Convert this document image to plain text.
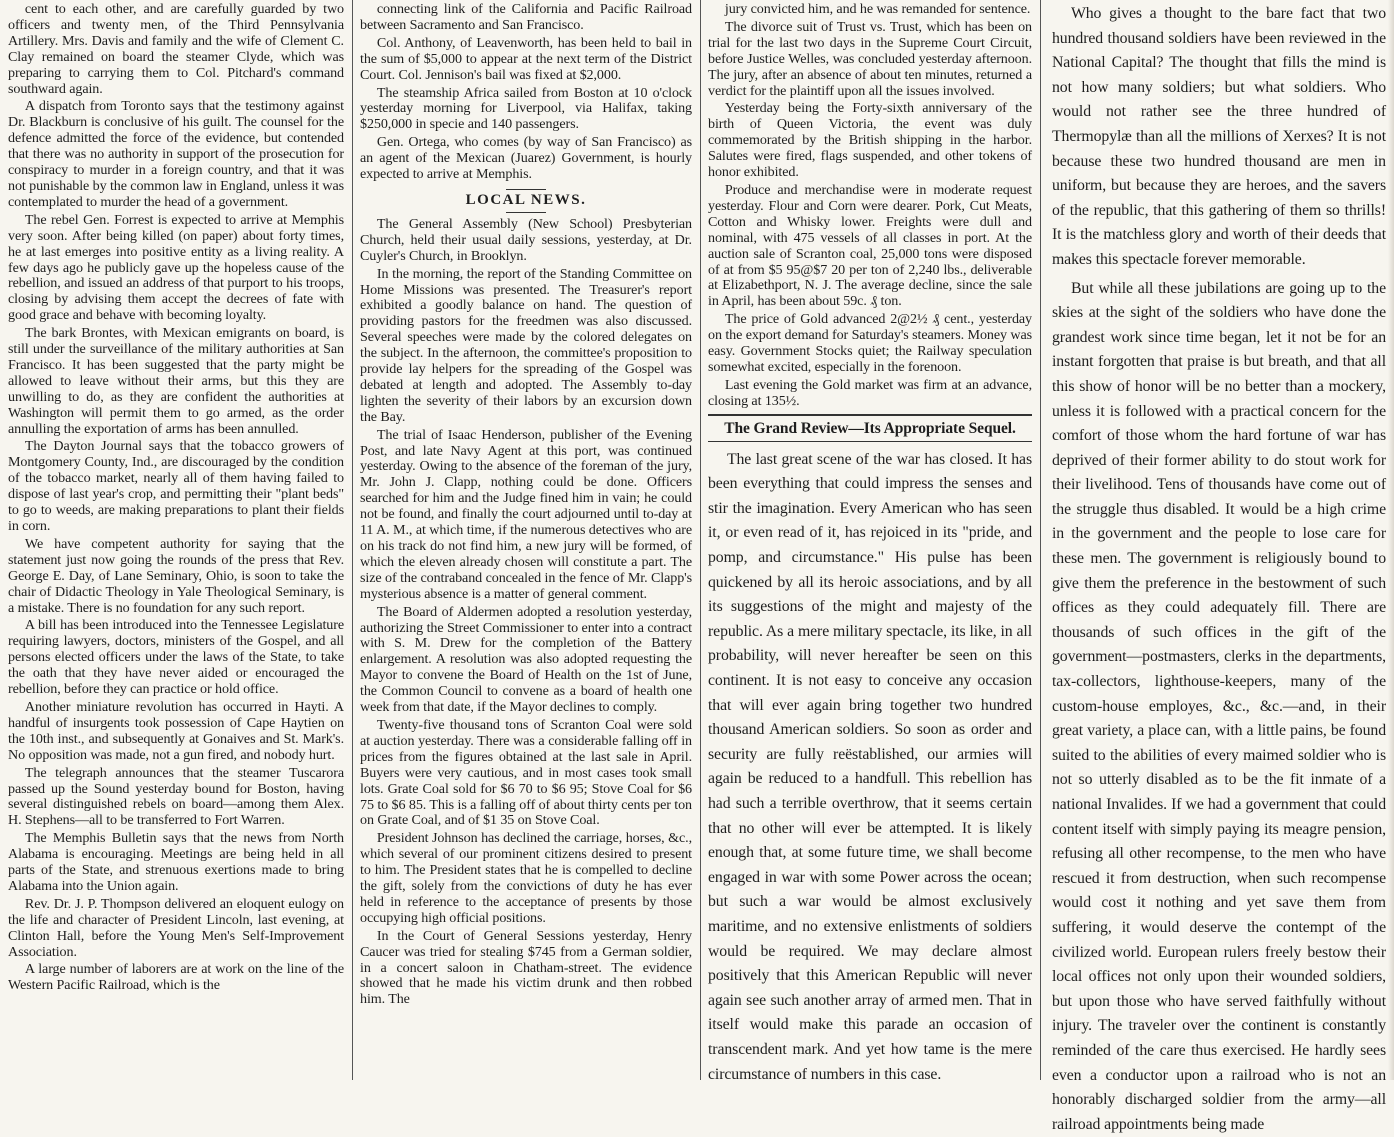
cent to each other, and are carefully guarded by two officers and twenty men, of the Third Pennsylvania Artillery. Mrs. Davis and family and the wife of Clement C. Clay remained on board the steamer Clyde, which was preparing to carrying them to Col. Pitchard's command southward again.

A dispatch from Toronto says that the testimony against Dr. Blackburn is conclusive of his guilt. The counsel for the defence admitted the force of the evidence, but contended that there was no authority in support of the prosecution for conspiracy to murder in a foreign country, and that it was not punishable by the common law in England, unless it was contemplated to murder the head of a government.

The rebel Gen. Forrest is expected to arrive at Memphis very soon. After being killed (on paper) about forty times, he at last emerges into positive entity as a living reality. A few days ago he publicly gave up the hopeless cause of the rebellion, and issued an address of that purport to his troops, closing by advising them accept the decrees of fate with good grace and behave with becoming loyalty.

The bark Brontes, with Mexican emigrants on board, is still under the surveillance of the military authorities at San Francisco. It has been suggested that the party might be allowed to leave without their arms, but this they are unwilling to do, as they are confident the authorities at Washington will permit them to go armed, as the order annulling the exportation of arms has been annulled.

The Dayton Journal says that the tobacco growers of Montgomery County, Ind., are discouraged by the condition of the tobacco market, nearly all of them having failed to dispose of last year's crop, and permitting their "plant beds" to go to weeds, are making preparations to plant their fields in corn.

We have competent authority for saying that the statement just now going the rounds of the press that Rev. George E. Day, of Lane Seminary, Ohio, is soon to take the chair of Didactic Theology in Yale Theological Seminary, is a mistake. There is no foundation for any such report.

A bill has been introduced into the Tennessee Legislature requiring lawyers, doctors, ministers of the Gospel, and all persons elected officers under the laws of the State, to take the oath that they have never aided or encouraged the rebellion, before they can practice or hold office.

Another miniature revolution has occurred in Hayti. A handful of insurgents took possession of Cape Haytien on the 10th inst., and subsequently at Gonaives and St. Mark's. No opposition was made, not a gun fired, and nobody hurt.

The telegraph announces that the steamer Tuscarora passed up the Sound yesterday bound for Boston, having several distinguished rebels on board—among them Alex. H. Stephens—all to be transferred to Fort Warren.

The Memphis Bulletin says that the news from North Alabama is encouraging. Meetings are being held in all parts of the State, and strenuous exertions made to bring Alabama into the Union again.

Rev. Dr. J. P. Thompson delivered an eloquent eulogy on the life and character of President Lincoln, last evening, at Clinton Hall, before the Young Men's Self-Improvement Association.

A large number of laborers are at work on the line of the Western Pacific Railroad, which is the

connecting link of the California and Pacific Railroad between Sacramento and San Francisco.

Col. Anthony, of Leavenworth, has been held to bail in the sum of $5,000 to appear at the next term of the District Court. Col. Jennison's bail was fixed at $2,000.

The steamship Africa sailed from Boston at 10 o'clock yesterday morning for Liverpool, via Halifax, taking $250,000 in specie and 140 passengers.

Gen. Ortega, who comes (by way of San Francisco) as an agent of the Mexican (Juarez) Government, is hourly expected to arrive at Memphis.

LOCAL NEWS.

The General Assembly (New School) Presbyterian Church, held their usual daily sessions, yesterday, at Dr. Cuyler's Church, in Brooklyn.

In the morning, the report of the Standing Committee on Home Missions was presented. The Treasurer's report exhibited a goodly balance on hand. The question of providing pastors for the freedmen was also discussed. Several speeches were made by the colored delegates on the subject. In the afternoon, the committee's proposition to provide lay helpers for the spreading of the Gospel was debated at length and adopted. The Assembly to-day lighten the severity of their labors by an excursion down the Bay.

The trial of Isaac Henderson, publisher of the Evening Post, and late Navy Agent at this port, was continued yesterday. Owing to the absence of the foreman of the jury, Mr. John J. Clapp, nothing could be done. Officers searched for him and the Judge fined him in vain; he could not be found, and finally the court adjourned until to-day at 11 A. M., at which time, if the numerous detectives who are on his track do not find him, a new jury will be formed, of which the eleven already chosen will constitute a part. The size of the contraband concealed in the fence of Mr. Clapp's mysterious absence is a matter of general comment.

The Board of Aldermen adopted a resolution yesterday, authorizing the Street Commissioner to enter into a contract with S. M. Drew for the completion of the Battery enlargement. A resolution was also adopted requesting the Mayor to convene the Board of Health on the 1st of June, the Common Council to convene as a board of health one week from that date, if the Mayor declines to comply.

Twenty-five thousand tons of Scranton Coal were sold at auction yesterday. There was a considerable falling off in prices from the figures obtained at the last sale in April. Buyers were very cautious, and in most cases took small lots. Grate Coal sold for $6 70 to $6 95; Stove Coal for $6 75 to $6 85. This is a falling off of about thirty cents per ton on Grate Coal, and of $1 35 on Stove Coal.

President Johnson has declined the carriage, horses, &c., which several of our prominent citizens desired to present to him. The President states that he is compelled to decline the gift, solely from the convictions of duty he has ever held in reference to the acceptance of presents by those occupying high official positions.

In the Court of General Sessions yesterday, Henry Caucer was tried for stealing $745 from a German soldier, in a concert saloon in Chatham-street. The evidence showed that he made his victim drunk and then robbed him. The

jury convicted him, and he was remanded for sentence.

The divorce suit of Trust vs. Trust, which has been on trial for the last two days in the Supreme Court Circuit, before Justice Welles, was concluded yesterday afternoon. The jury, after an absence of about ten minutes, returned a verdict for the plaintiff upon all the issues involved.

Yesterday being the Forty-sixth anniversary of the birth of Queen Victoria, the event was duly commemorated by the British shipping in the harbor. Salutes were fired, flags suspended, and other tokens of honor exhibited.

Produce and merchandise were in moderate request yesterday. Flour and Corn were dearer. Pork, Cut Meats, Cotton and Whisky lower. Freights were dull and nominal, with 475 vessels of all classes in port. At the auction sale of Scranton coal, 25,000 tons were disposed of at from $5 95@$7 20 per ton of 2,240 lbs., deliverable at Elizabethport, N. J. The average decline, since the sale in April, has been about 59c. ₰ ton.

The price of Gold advanced 2@2½ ₰ cent., yesterday on the export demand for Saturday's steamers. Money was easy. Government Stocks quiet; the Railway speculation somewhat excited, especially in the forenoon.

Last evening the Gold market was firm at an advance, closing at 135½.

The Grand Review—Its Appropriate Sequel.

The last great scene of the war has closed. It has been everything that could impress the senses and stir the imagination. Every American who has seen it, or even read of it, has rejoiced in its "pride, and pomp, and circumstance." His pulse has been quickened by all its heroic associations, and by all its suggestions of the might and majesty of the republic. As a mere military spectacle, its like, in all probability, will never hereafter be seen on this continent. It is not easy to conceive any occasion that will ever again bring together two hundred thousand American soldiers. So soon as order and security are fully reëstablished, our armies will again be reduced to a handfull. This rebellion has had such a terrible overthrow, that it seems certain that no other will ever be attempted. It is likely enough that, at some future time, we shall become engaged in war with some Power across the ocean; but such a war would be almost exclusively maritime, and no extensive enlistments of soldiers would be required. We may declare almost positively that this American Republic will never again see such another array of armed men. That in itself would make this parade an occasion of transcendent mark. And yet how tame is the mere circumstance of numbers in this case.

Who gives a thought to the bare fact that two hundred thousand soldiers have been reviewed in the National Capital? The thought that fills the mind is not how many soldiers; but what soldiers. Who would not rather see the three hundred of Thermopylæ than all the millions of Xerxes? It is not because these two hundred thousand are men in uniform, but because they are heroes, and the savers of the republic, that this gathering of them so thrills! It is the matchless glory and worth of their deeds that makes this spectacle forever memorable.

But while all these jubilations are going up to the skies at the sight of the soldiers who have done the grandest work since time began, let it not be for an instant forgotten that praise is but breath, and that all this show of honor will be no better than a mockery, unless it is followed with a practical concern for the comfort of those whom the hard fortune of war has deprived of their former ability to do stout work for their livelihood. Tens of thousands have come out of the struggle thus disabled. It would be a high crime in the government and the people to lose care for these men. The government is religiously bound to give them the preference in the bestowment of such offices as they could adequately fill. There are thousands of such offices in the gift of the government—postmasters, clerks in the departments, tax-collectors, lighthouse-keepers, many of the custom-house employes, &c., &c.—and, in their great variety, a place can, with a little pains, be found suited to the abilities of every maimed soldier who is not so utterly disabled as to be the fit inmate of a national Invalides. If we had a government that could content itself with simply paying its meagre pension, refusing all other recompense, to the men who have rescued it from destruction, when such recompense would cost it nothing and yet save them from suffering, it would deserve the contempt of the civilized world. European rulers freely bestow their local offices not only upon their wounded soldiers, but upon those who have served faithfully without injury. The traveler over the continent is constantly reminded of the care thus exercised. He hardly sees even a conductor upon a railroad who is not an honorably discharged soldier from the army—all railroad appointments being made
